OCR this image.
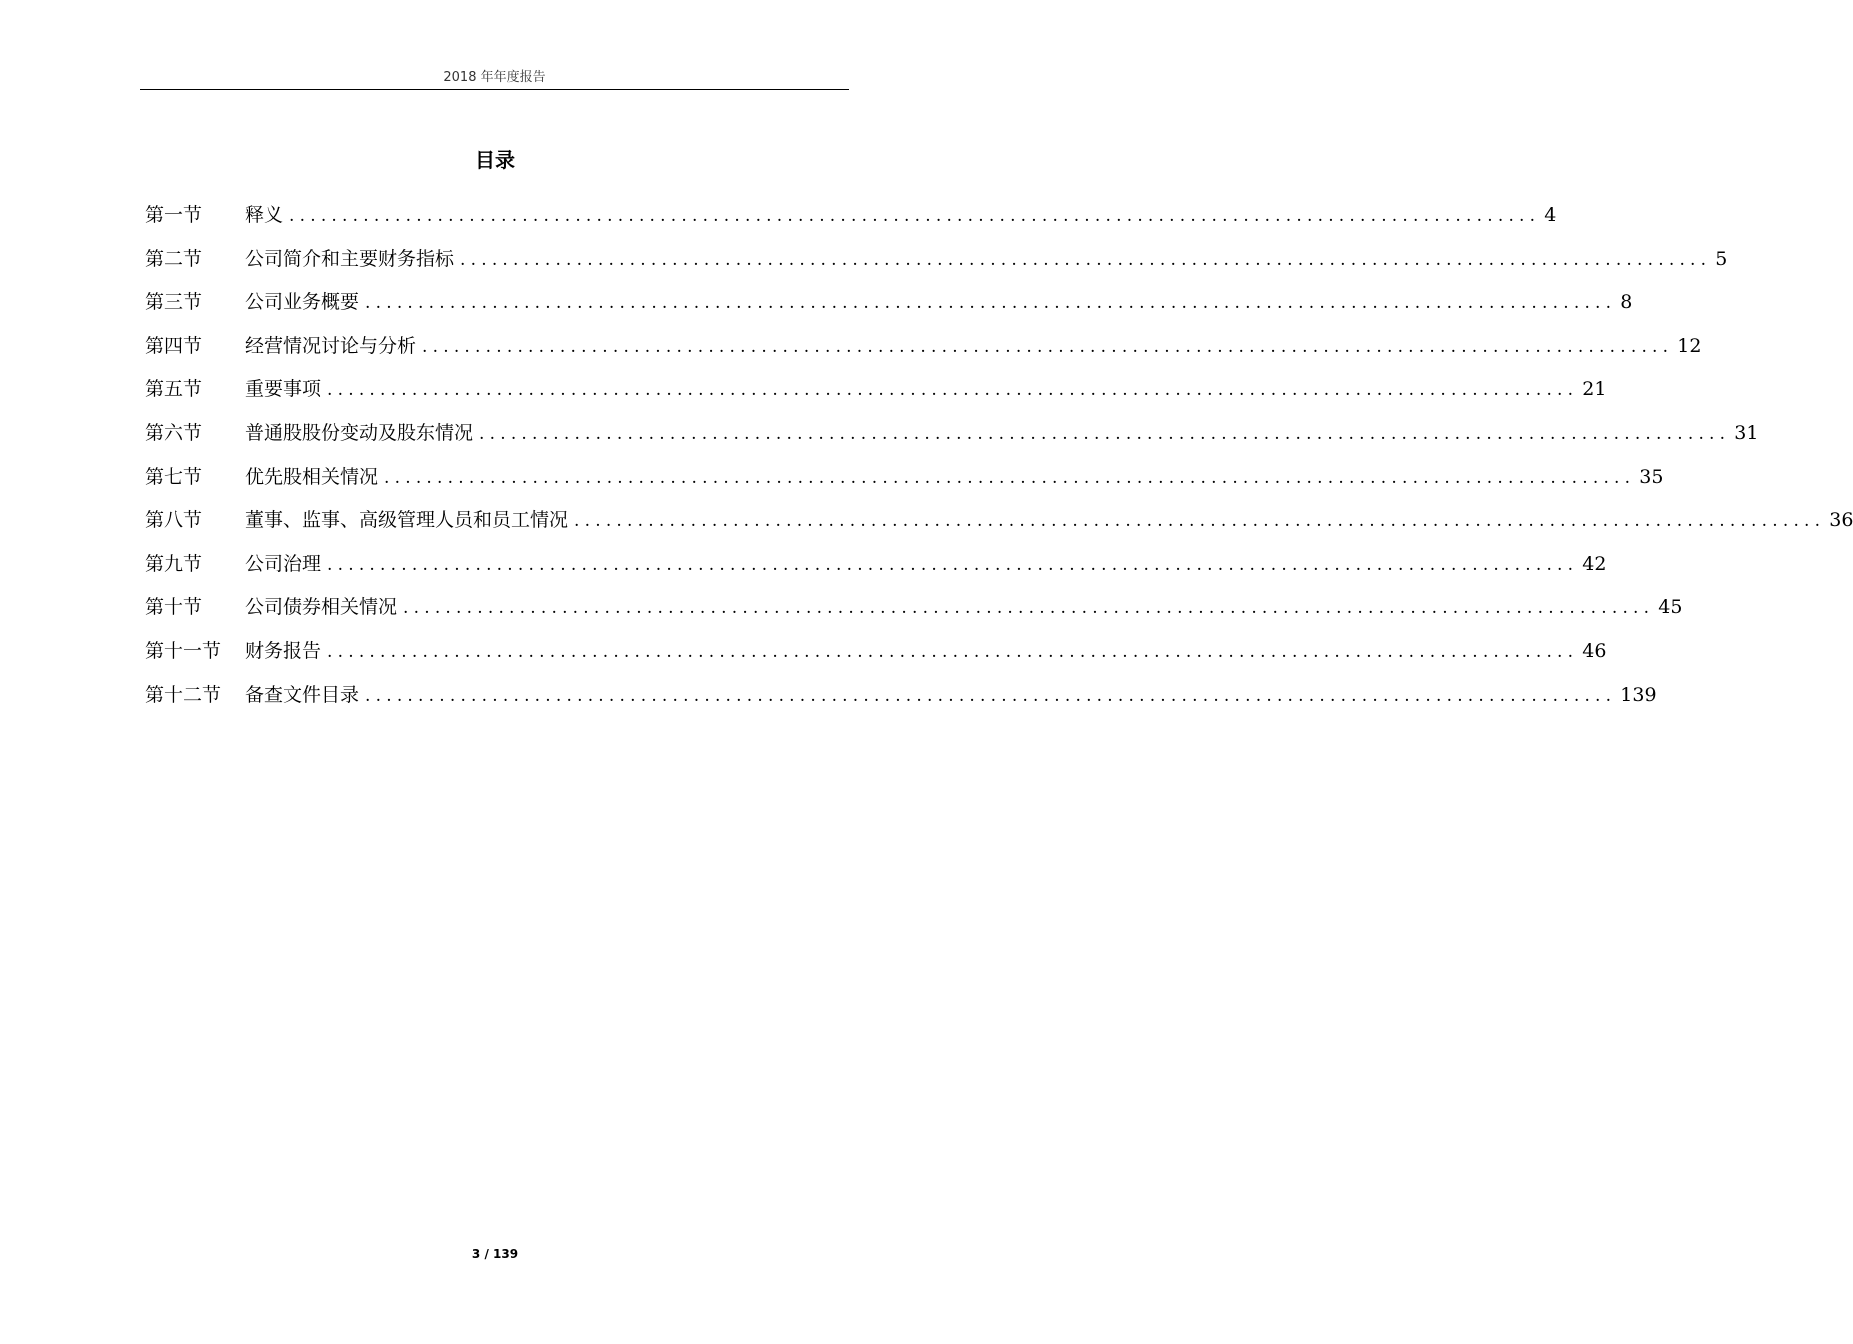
2018 年年度报告
目录
第一节	释义 ...................................................................................................................... 4
第二节	公司简介和主要财务指标 ...................................................................................................................... 5
第三节	公司业务概要 ...................................................................................................................... 8
第四节	经营情况讨论与分析 ...................................................................................................................... 12
第五节	重要事项 ...................................................................................................................... 21
第六节	普通股股份变动及股东情况 ...................................................................................................................... 31
第七节	优先股相关情况 ...................................................................................................................... 35
第八节	董事、监事、高级管理人员和员工情况 ...................................................................................................................... 36
第九节	公司治理 ...................................................................................................................... 42
第十节	公司债券相关情况 ...................................................................................................................... 45
第十一节	财务报告 ...................................................................................................................... 46
第十二节	备查文件目录 ...................................................................................................................... 139
3 / 139
